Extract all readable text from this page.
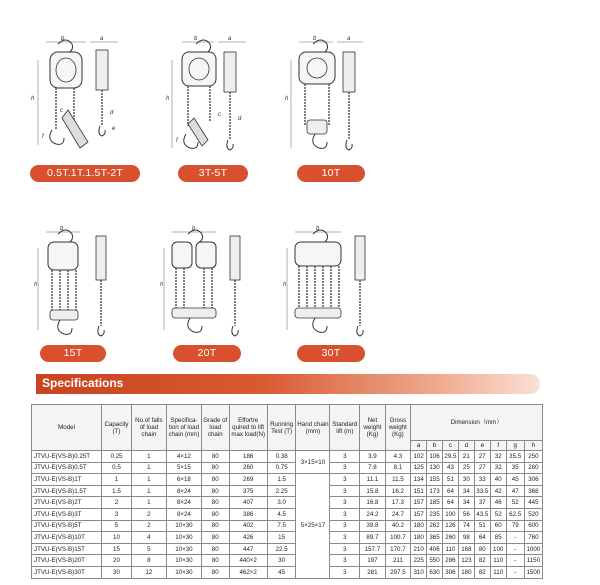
b	a
h
f
c	d
e
0.5T.1T.1.5T-2T
b	a
h
f
c
d
3T-5T
b	a
h
10T
b
h
15T
b
h
20T
b
h
30T
Specifications
Model	Capacity (T)	No.of falls of load chain	Specifica-tion of load chain (mm)	Grade of load chain	Effortre quired to lift max load(N)	Running Test (T)	Hand chain (mm)	Standard lift (m)	Net weight (Kg)	Gross weight (Kg)	Dimension（mm）							
											a	b	c	d	e	f	g	h
JTVU-E(VS-B)0.25T	0.25	1	4×12	80	186	0.38	3×15×10	3	3.9	4.3	102	106	29.5	21	27	32	35.5	250
JTVU-E(VS-B)0.5T	0.5	1	5×15	80	260	0.75		3	7.8	8.1	125	130	43	25	27	32	35	280
JTVU-E(VS-B)1T	1	1	6×18	80	269	1.5	5×25×17	3	11.1	11.5	134	155	51	30	33	40	45	306
JTVU-E(VS-B)1.5T	1.5	1	8×24	80	375	2.25		3	15.8	16.2	151	173	64	34	33.5	42	47	368
JTVU-E(VS-B)2T	2	1	8×24	80	407	3.0		3	16.8	17.3	157	185	64	34	37	46	52	445
JTVU-E(VS-B)3T	3	2	8×24	80	386	4.5		3	24.2	24.7	157	235	100	56	43.5	52	62.5	520
JTVU-E(VS-B)5T	5	2	10×30	80	402	7.5		3	39.8	40.2	180	262	126	74	51	60	79	600
JTVU-E(VS-B)10T	10	4	10×30	80	426	15		3	89.7	100.7	180	365	260	98	64	85	-	760
JTVU-E(VS-B)15T	15	5	10×30	80	447	22.5		3	157.7	170.7	210	406	110	168	80	100	-	1000
JTVU-E(VS-B)20T	20	8	10×30	80	440×2	30		3	197	211	225	550	286	123	82	110	-	1150
JTVU-E(VS-B)30T	30	12	10×30	80	462×2	45		3	281	297.5	310	630	306	180	82	110	-	1500
